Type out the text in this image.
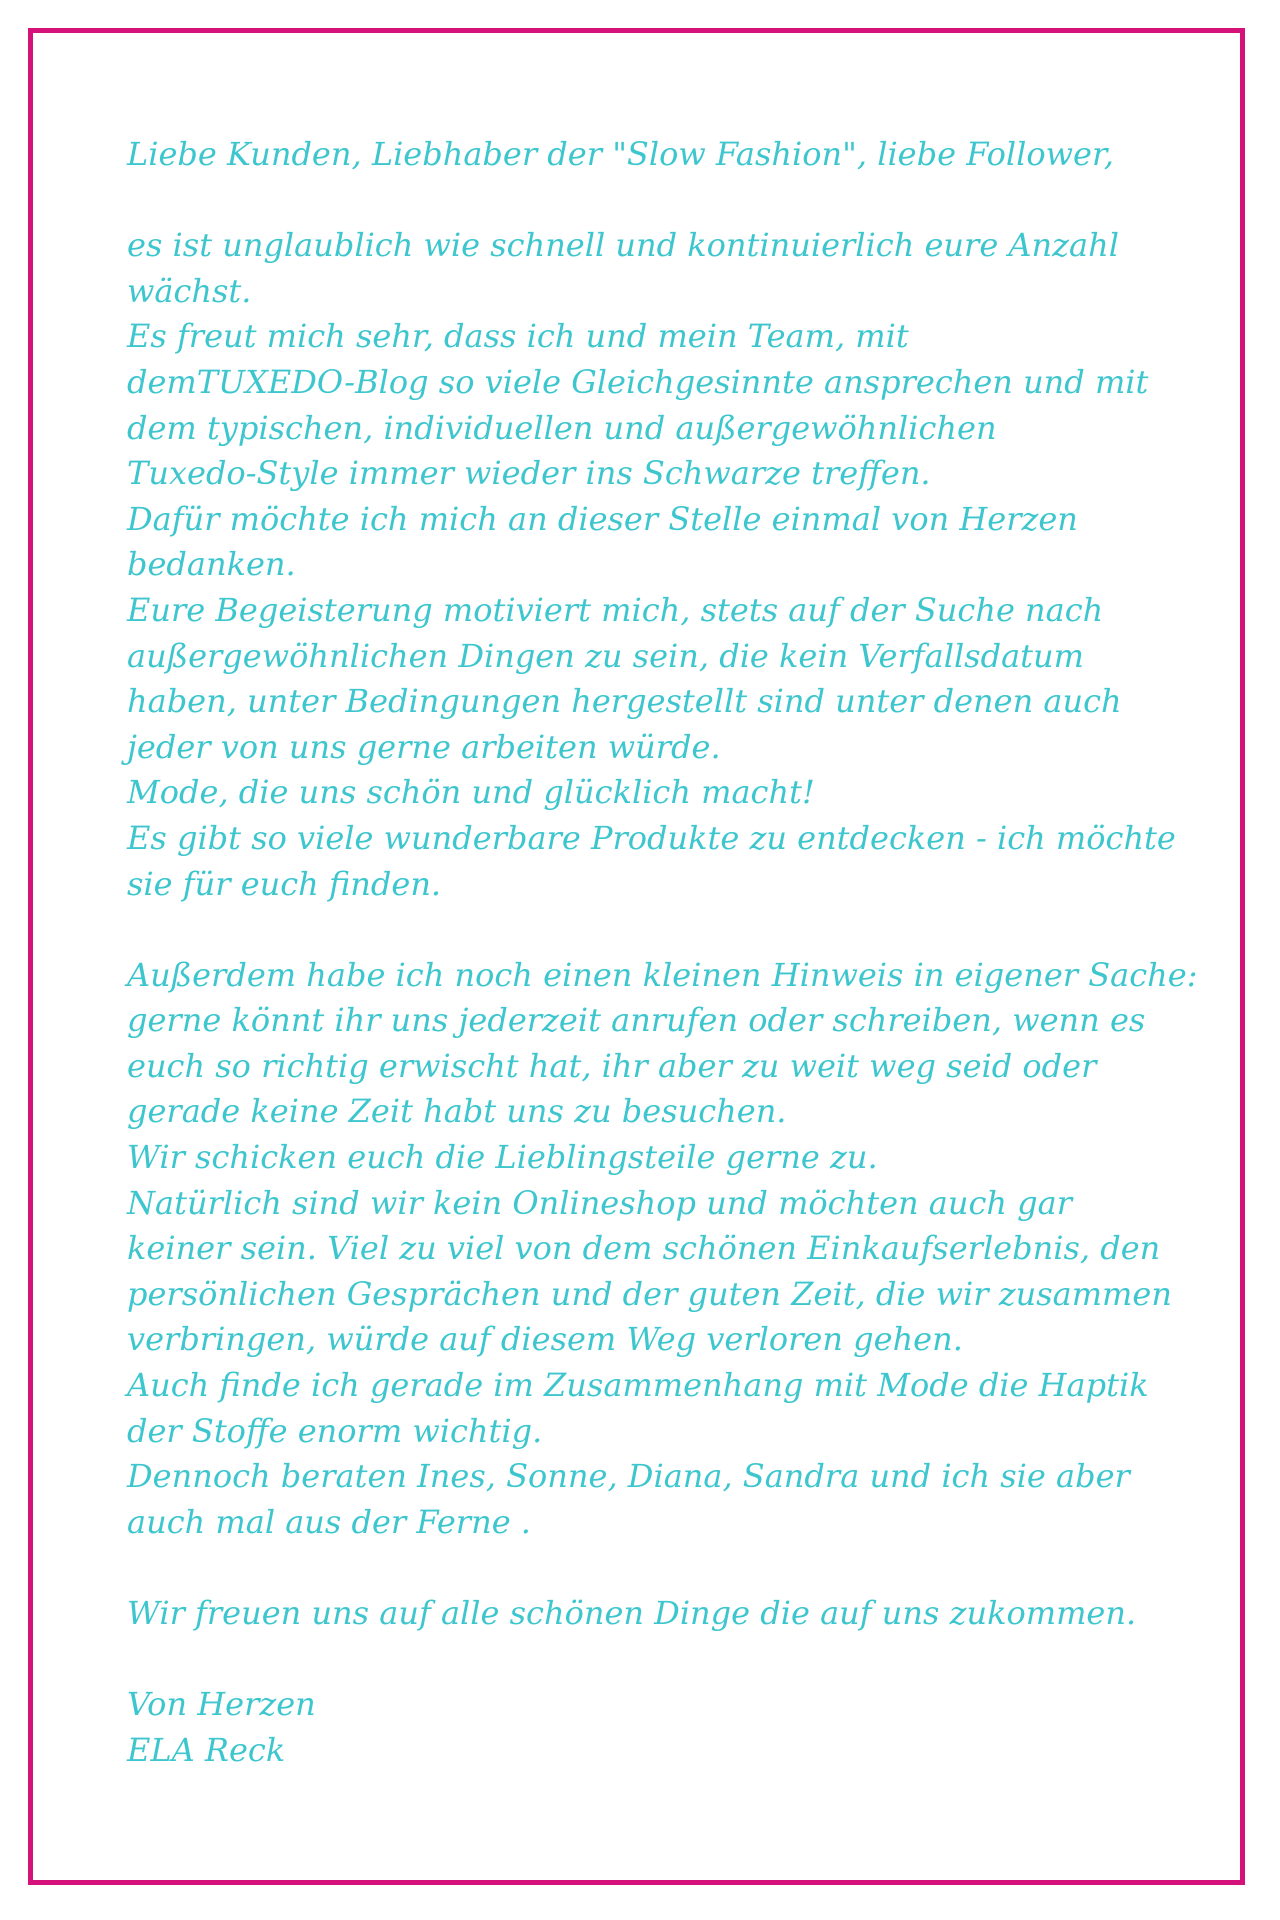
Liebe Kunden, Liebhaber der "Slow Fashion", liebe Follower,
es ist unglaublich wie schnell und kontinuierlich eure Anzahl
wächst.
Es freut mich sehr, dass ich und mein Team, mit
demTUXEDO-Blog so viele Gleichgesinnte ansprechen und mit
dem typischen, individuellen und außergewöhnlichen
Tuxedo-Style immer wieder ins Schwarze treffen.
Dafür möchte ich mich an dieser Stelle einmal von Herzen
bedanken.
Eure Begeisterung motiviert mich, stets auf der Suche nach
außergewöhnlichen Dingen zu sein, die kein Verfallsdatum
haben, unter Bedingungen hergestellt sind unter denen auch
jeder von uns gerne arbeiten würde.
Mode, die uns schön und glücklich macht!
Es gibt so viele wunderbare Produkte zu entdecken - ich möchte
sie für euch finden.
Außerdem habe ich noch einen kleinen Hinweis in eigener Sache:
gerne könnt ihr uns jederzeit anrufen oder schreiben, wenn es
euch so richtig erwischt hat, ihr aber zu weit weg seid oder
gerade keine Zeit habt uns zu besuchen.
Wir schicken euch die Lieblingsteile gerne zu.
Natürlich sind wir kein Onlineshop und möchten auch gar
keiner sein. Viel zu viel von dem schönen Einkaufserlebnis, den
persönlichen Gesprächen und der guten Zeit, die wir zusammen
verbringen, würde auf diesem Weg verloren gehen.
Auch finde ich gerade im Zusammenhang mit Mode die Haptik
der Stoffe enorm wichtig.
Dennoch beraten Ines, Sonne, Diana, Sandra und ich sie aber
auch mal aus der Ferne .
Wir freuen uns auf alle schönen Dinge die auf uns zukommen.
Von Herzen
ELA Reck
